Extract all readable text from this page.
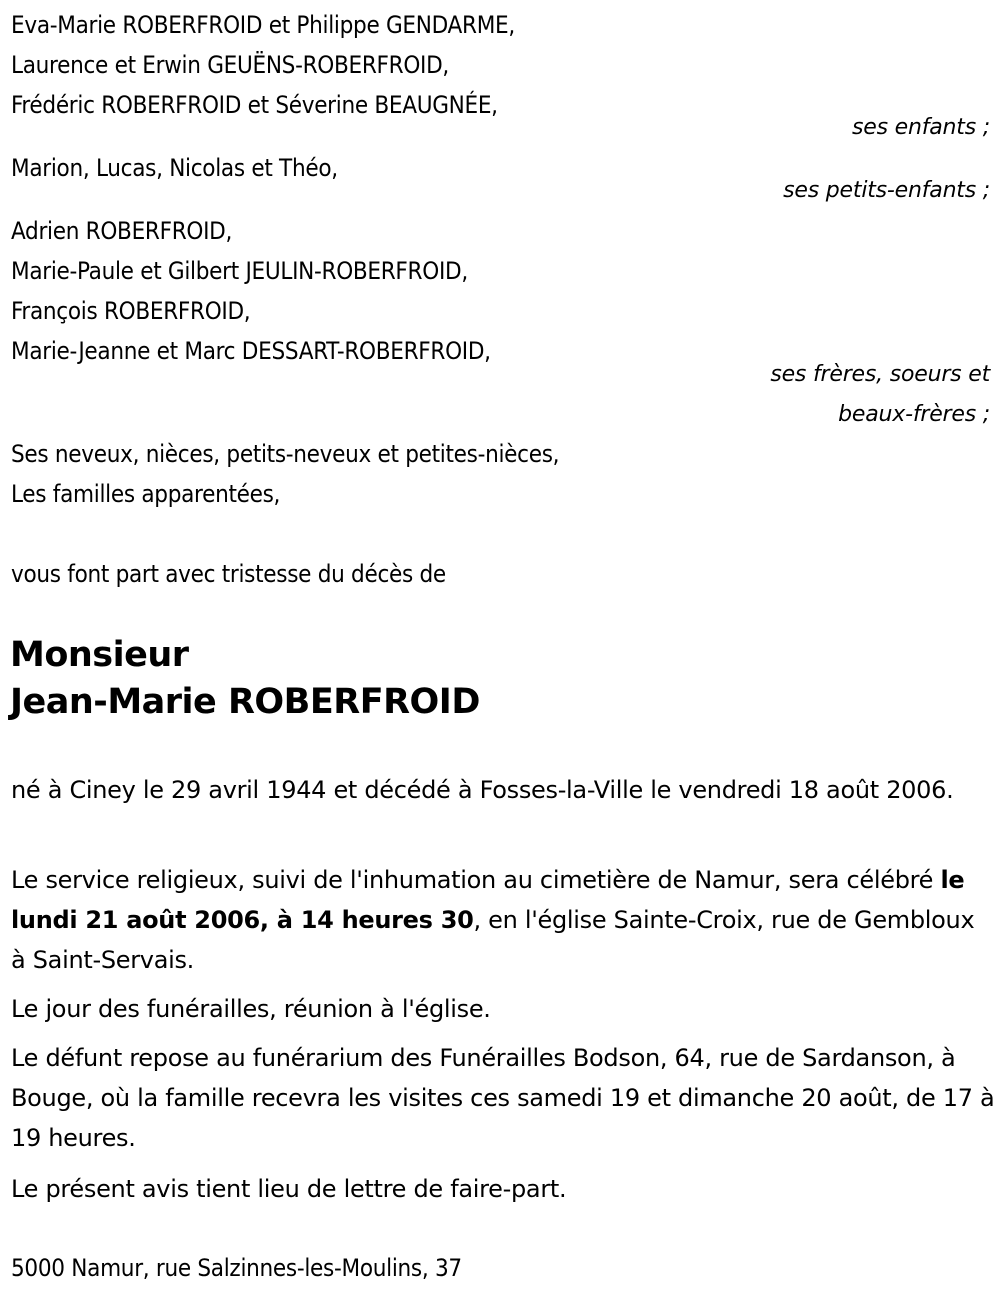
Eva-Marie ROBERFROID et Philippe GENDARME,
Laurence et Erwin GEUËNS-ROBERFROID,
Frédéric ROBERFROID et Séverine BEAUGNÉE,
ses enfants ;
Marion, Lucas, Nicolas et Théo,
ses petits-enfants ;
Adrien ROBERFROID,
Marie-Paule et Gilbert JEULIN-ROBERFROID,
François ROBERFROID,
Marie-Jeanne et Marc DESSART-ROBERFROID,
ses frères, soeurs et
beaux-frères ;
Ses neveux, nièces, petits-neveux et petites-nièces,
Les familles apparentées,
vous font part avec tristesse du décès de
Monsieur
Jean-Marie ROBERFROID
né à Ciney le 29 avril 1944 et décédé à Fosses-la-Ville le vendredi 18 août 2006.
Le service religieux, suivi de l'inhumation au cimetière de Namur, sera célébré le lundi 21 août 2006, à 14 heures 30, en l'église Sainte-Croix, rue de Gembloux à Saint-Servais.
Le jour des funérailles, réunion à l'église.
Le défunt repose au funérarium des Funérailles Bodson, 64, rue de Sardanson, à Bouge, où la famille recevra les visites ces samedi 19 et dimanche 20 août, de 17 à 19 heures.
Le présent avis tient lieu de lettre de faire-part.
5000 Namur, rue Salzinnes-les-Moulins, 37
